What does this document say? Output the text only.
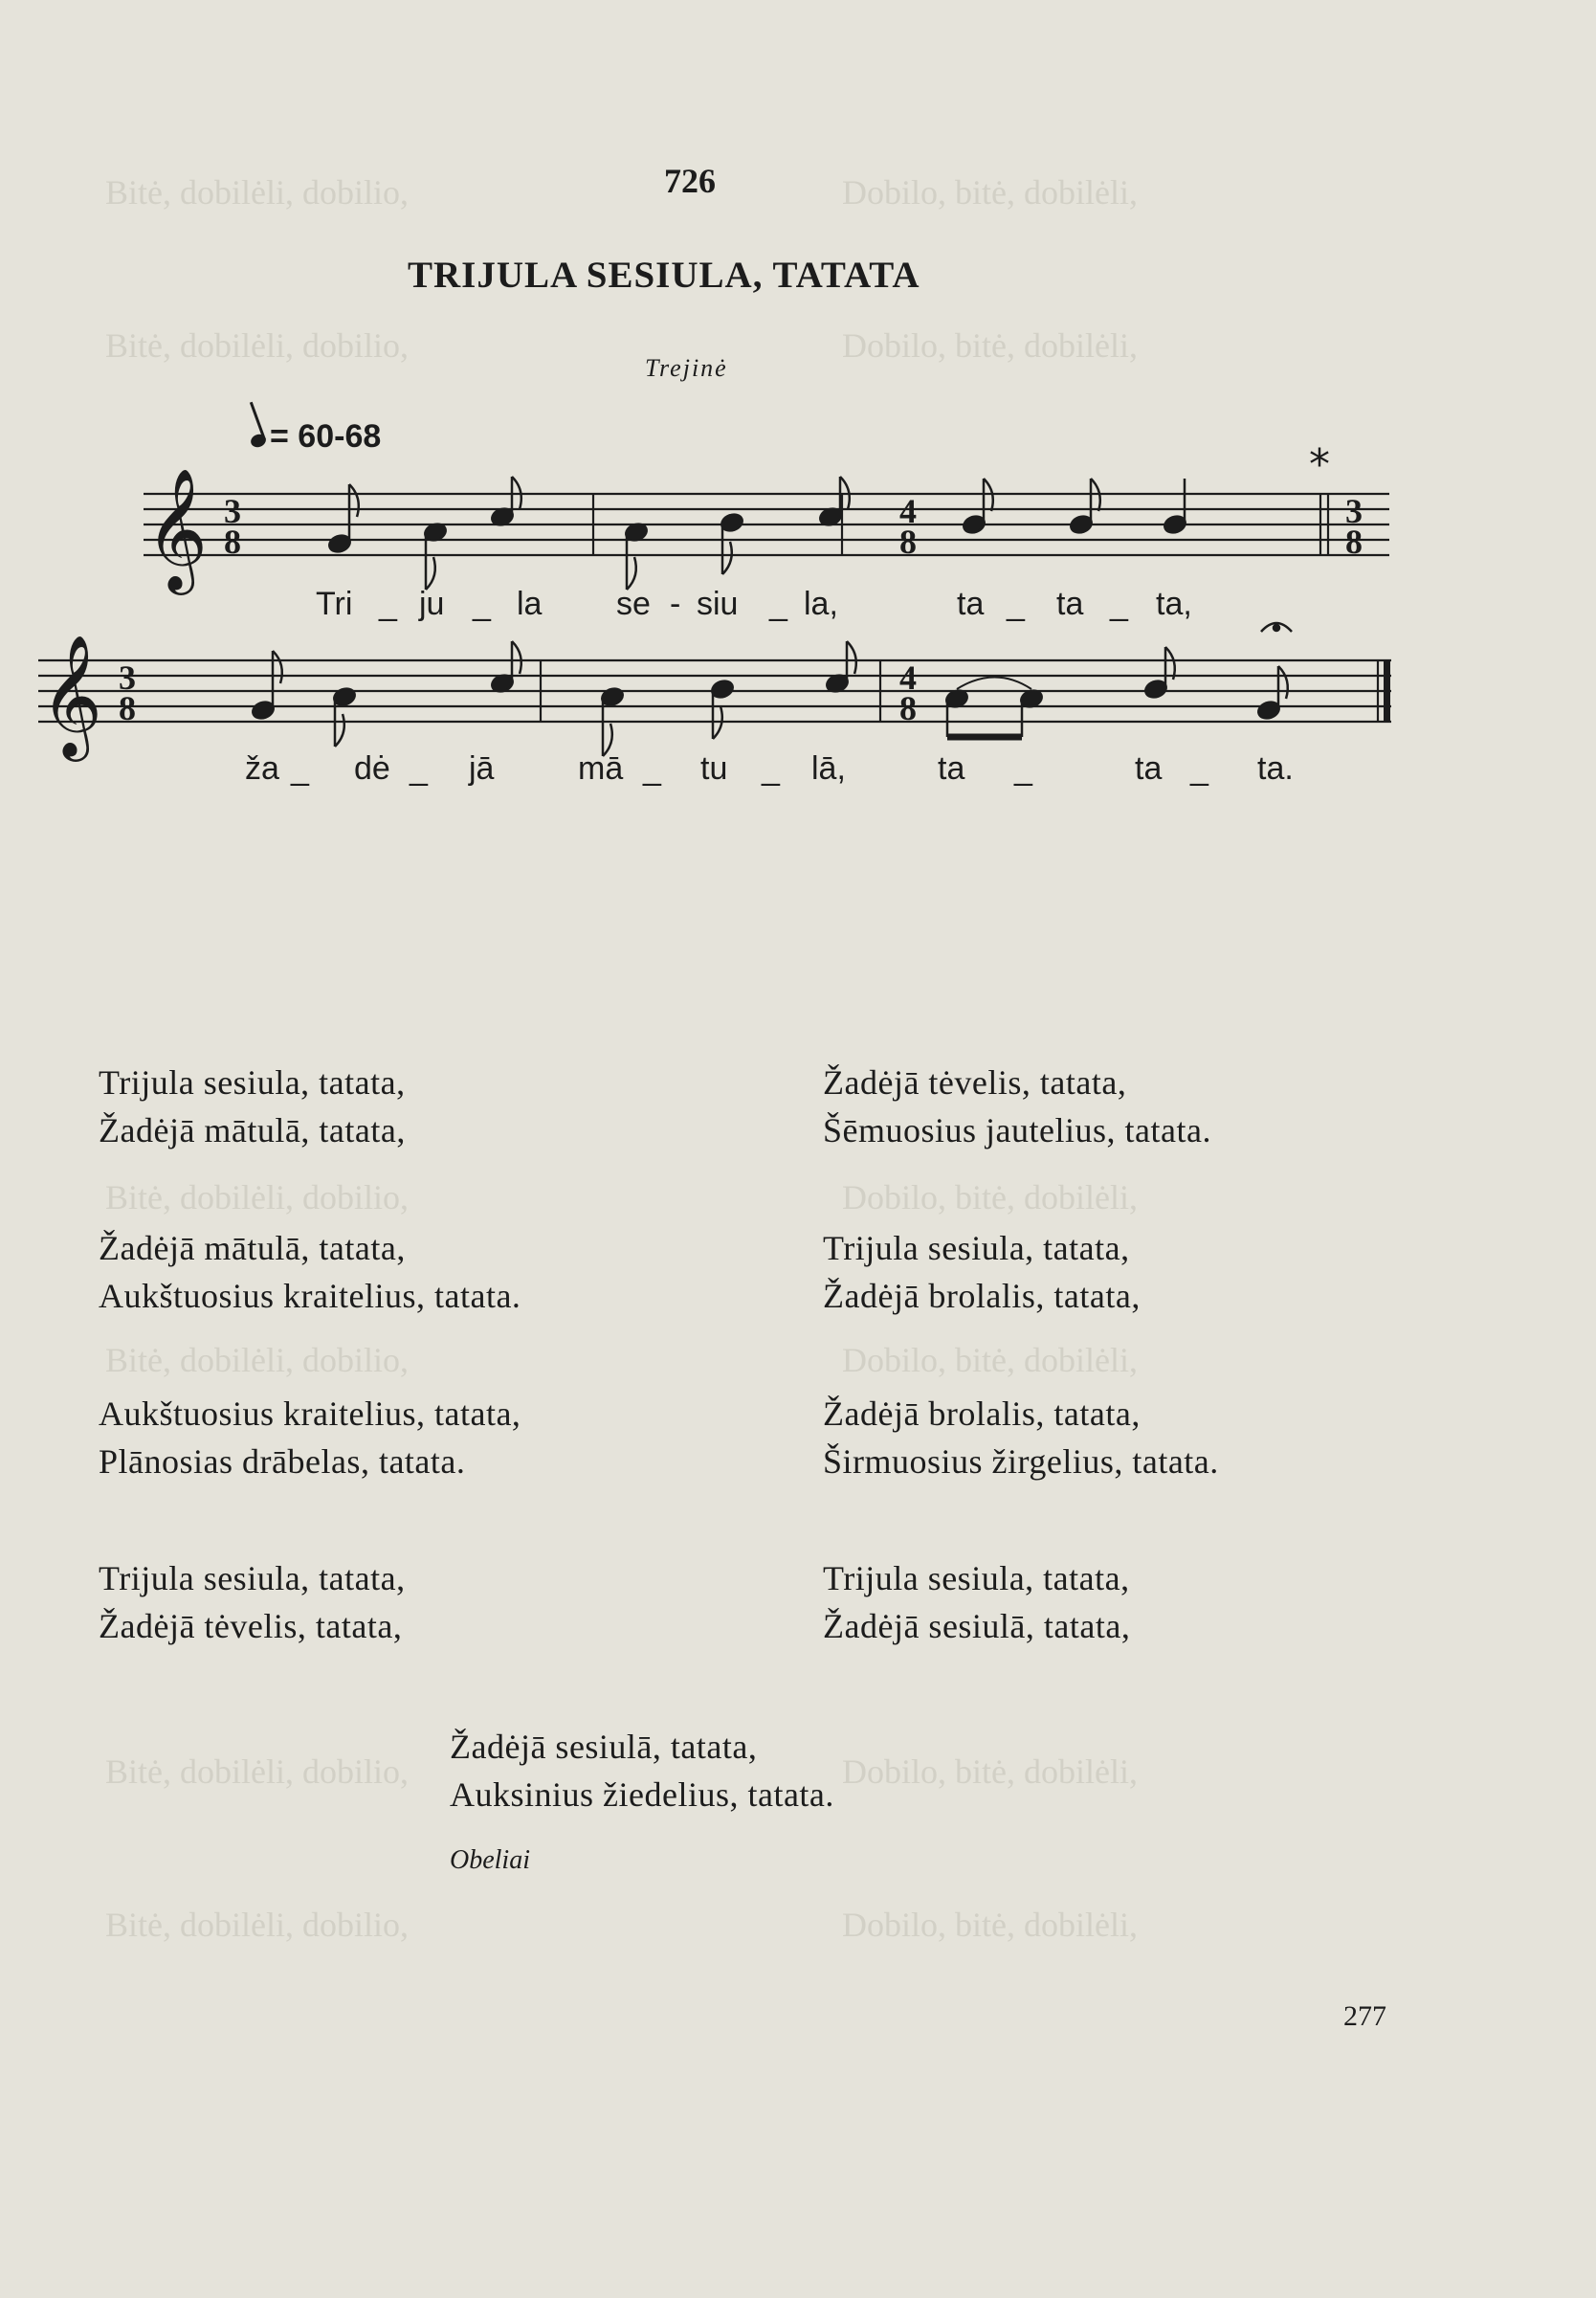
Bitė, dobilėli, dobilio,	Dobilo, bitė, dobilėli,
Bitė, dobilėli, dobilio,	Dobilo, bitė, dobilėli,
Bitė, dobilėli, dobilio,	Dobilo, bitė, dobilėli,
Bitė, dobilėli, dobilio,	Dobilo, bitė, dobilėli,
Bitė, dobilėli, dobilio,	Dobilo, bitė, dobilėli,
Bitė, dobilėli, dobilio,	Dobilo, bitė, dobilėli,
726
TRIJULA SESIULA, TATATA
Trejinė
= 60-68
𝄞
𝄞
3
8
4
8
3
8
3
8
4
8
*
Tri _ ju _ la se - siu _ la,	ta _ ta _ ta,
ža _ dė _ jā	mā _ tu _ lā,	ta _	ta _ ta.
Trijula sesiula, tatata,
Žadėjā mātulā, tatata,
Žadėjā mātulā, tatata,
Aukštuosius kraitelius, tatata.
Aukštuosius kraitelius, tatata,
Plānosias drābelas, tatata.
Trijula sesiula, tatata,
Žadėjā tėvelis, tatata,
Žadėjā tėvelis, tatata,
Šēmuosius jautelius, tatata.
Trijula sesiula, tatata,
Žadėjā brolalis, tatata,
Žadėjā brolalis, tatata,
Širmuosius žirgelius, tatata.
Trijula sesiula, tatata,
Žadėjā sesiulā, tatata,
Žadėjā sesiulā, tatata,
Auksinius žiedelius, tatata.
Obeliai
277
